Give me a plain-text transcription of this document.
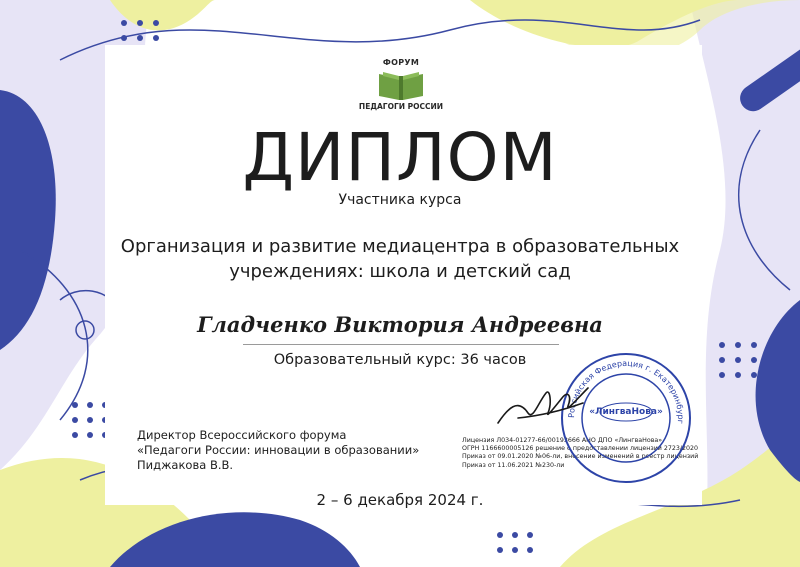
ФОРУМ
ПЕДАГОГИ РОССИИ
ДИПЛОМ
Участника курса
Организация и развитие медиацентра в образовательных
учреждениях: школа и детский сад
Гладченко Виктория Андреевна
Образовательный курс: 36 часов
Директор Всероссийского форума
«Педагоги России: инновации в образовании»
Пиджакова В.В.
Лицензия Л034-01277-66/00193666 АНО ДПО «ЛингваНова»
ОГРН 1166600005126 решение о предоставлении лицензии 2723/2020
Приказ от 09.01.2020 №06-ли, внесение изменений в реестр лицензий
Приказ от 11.06.2021 №230-ли
Российская Федерация г. Екатеринбург
«ЛингваНова»
2 – 6 декабря 2024 г.
